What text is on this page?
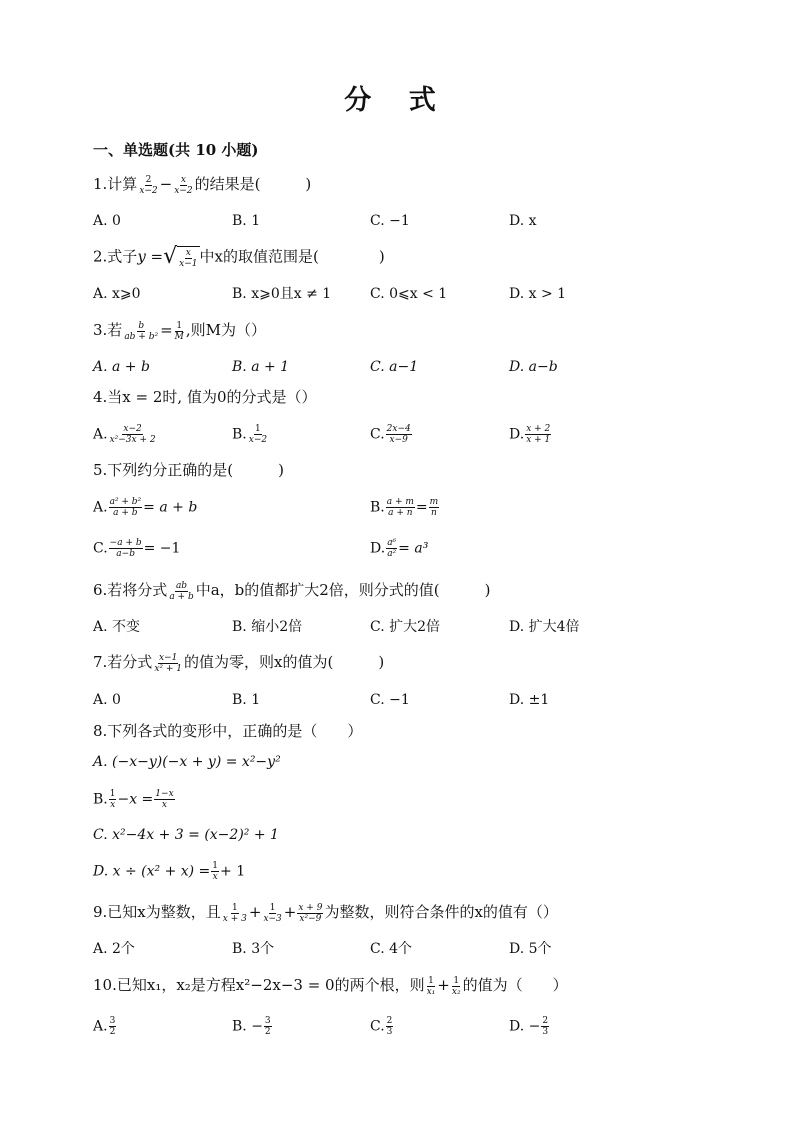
分 式
一、单选题(共 10 小题)
1.计算 $\frac{2}{x-2} - \frac{x}{x-2}$ 的结果是(　　　)
A. 0	B. 1	C. −1	D. x
2.式子y = √ $\frac{x}{x-1}$ 中x的取值范围是(　　　　)
A. x⩾0	B. x⩾0且x ≠ 1	C. 0⩽x < 1	D. x > 1
3.若 $\frac{b}{\text{ab + b²}} = \frac{1}{M}$ ,则M为（）
A. a + b	B. a + 1	C. a−1	D. a−b
4.当x = 2时, 值为0的分式是（）
A. $\frac{x-2}{\text{x²−3x + 2}}$	B. $\frac{1}{x-2}$	C. $\frac{2x-4}{x-9}$	D. $\frac{x + 2}{x + 1}$
5.下列约分正确的是(　　　)
A. $\frac{\text{a² + b²}}{a + b} = a + b$	B. $\frac{a + m}{a + n} = \frac{m}{n}$
C. $\frac{-a + b}{a-b} = -1$	D. $\frac{\text{a⁶}}{\text{a²}} = a^3$
6.若将分式 $\frac{ab}{a + b}$ 中a，b的值都扩大2倍，则分式的值(　　　)
A. 不变	B. 缩小2倍	C. 扩大2倍	D. 扩大4倍
7.若分式 $\frac{x-1}{\text{x² + 1}}$ 的值为零，则x的值为(　　　)
A. 0	B. 1	C. −1	D. ±1
8.下列各式的变形中，正确的是（　　）
A. (−x−y)(−x + y) = x²−y²
B. $\frac{1}{x} -x = \frac{1-x}{x}$
C. x²−4x + 3 = (x−2)² + 1
D. $x \div (x^2 + x) = \frac{1}{x} + 1$
9.已知x为整数，且 $\frac{1}{x + 3} + \frac{1}{x-3} + \frac{x + 9}{\text{x²−9}}$ 为整数，则符合条件的x的值有（）
A. 2个	B. 3个	C. 4个	D. 5个
10.已知x₁，x₂是方程x²−2x−3 = 0的两个根，则 $\frac{1}{\text{x₁}} + \frac{1}{\text{x₂}}$ 的值为（　　）
A. $\frac{3}{2}$	B. − $\frac{3}{2}$	C. $\frac{2}{3}$	D. − $\frac{2}{3}$
